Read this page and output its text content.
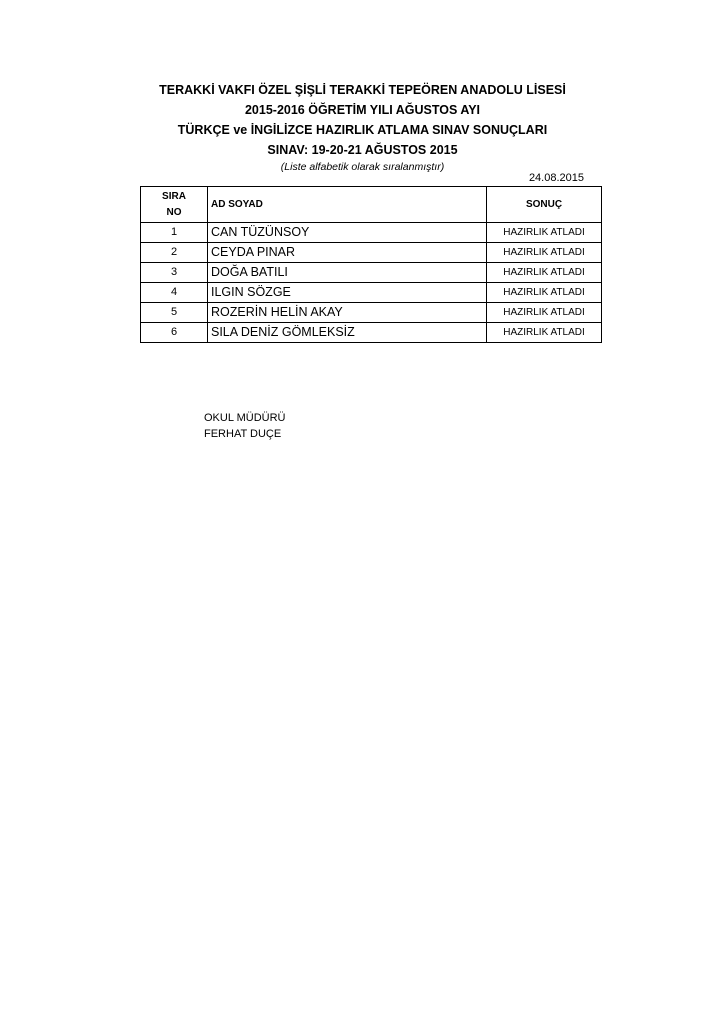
TERAKKİ VAKFI ÖZEL ŞİŞLİ TERAKKİ TEPEÖREN ANADOLU LİSESİ
2015-2016 ÖĞRETİM YILI AĞUSTOS AYI
TÜRKÇE ve İNGİLİZCE HAZIRLIK ATLAMA SINAV SONUÇLARI
SINAV: 19-20-21 AĞUSTOS 2015
(Liste alfabetik olarak sıralanmıştır)
24.08.2015
SIRA
NO	AD SOYAD	SONUÇ
1	CAN TÜZÜNSOY	HAZIRLIK ATLADI
2	CEYDA PINAR	HAZIRLIK ATLADI
3	DOĞA BATILI	HAZIRLIK ATLADI
4	ILGIN SÖZGE	HAZIRLIK ATLADI
5	ROZERİN HELİN AKAY	HAZIRLIK ATLADI
6	SILA DENİZ GÖMLEKSİZ	HAZIRLIK ATLADI
OKUL MÜDÜRÜ
FERHAT DUÇE
